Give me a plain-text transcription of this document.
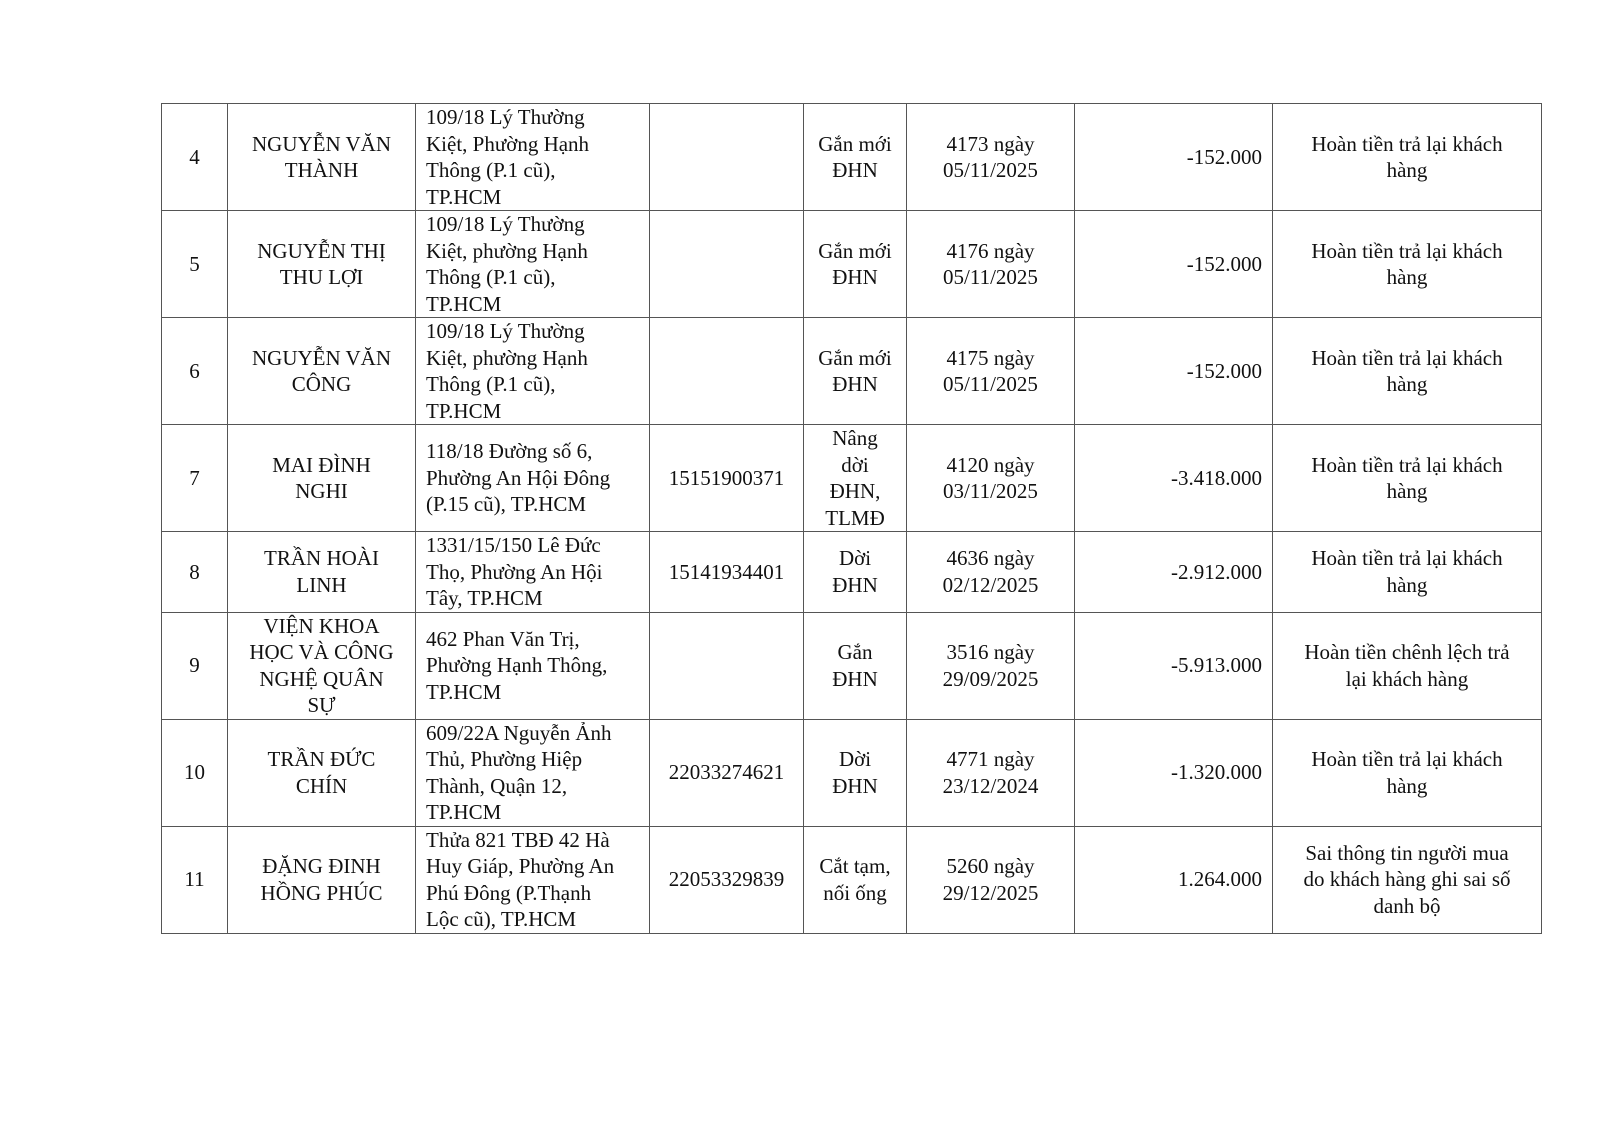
4	NGUYỄN VĂN
THÀNH	109/18 Lý Thường
Kiệt, Phường Hạnh
Thông (P.1 cũ),
TP.HCM		Gắn mới
ĐHN	4173 ngày
05/11/2025	-152.000	Hoàn tiền trả lại khách
hàng
5	NGUYỄN THỊ
THU LỢI	109/18 Lý Thường
Kiệt, phường Hạnh
Thông (P.1 cũ),
TP.HCM		Gắn mới
ĐHN	4176 ngày
05/11/2025	-152.000	Hoàn tiền trả lại khách
hàng
6	NGUYỄN VĂN
CÔNG	109/18 Lý Thường
Kiệt, phường Hạnh
Thông (P.1 cũ),
TP.HCM		Gắn mới
ĐHN	4175 ngày
05/11/2025	-152.000	Hoàn tiền trả lại khách
hàng
7	MAI ĐÌNH
NGHI	118/18 Đường số 6,
Phường An Hội Đông
(P.15 cũ), TP.HCM	15151900371	Nâng
dời
ĐHN,
TLMĐ	4120 ngày
03/11/2025	-3.418.000	Hoàn tiền trả lại khách
hàng
8	TRẦN HOÀI
LINH	1331/15/150 Lê Đức
Thọ, Phường An Hội
Tây, TP.HCM	15141934401	Dời
ĐHN	4636 ngày
02/12/2025	-2.912.000	Hoàn tiền trả lại khách
hàng
9	VIỆN KHOA
HỌC VÀ CÔNG
NGHỆ QUÂN
SỰ	462 Phan Văn Trị,
Phường Hạnh Thông,
TP.HCM		Gắn
ĐHN	3516 ngày
29/09/2025	-5.913.000	Hoàn tiền chênh lệch trả
lại khách hàng
10	TRẦN ĐỨC
CHÍN	609/22A Nguyễn Ảnh
Thủ, Phường Hiệp
Thành, Quận 12,
TP.HCM	22033274621	Dời
ĐHN	4771 ngày
23/12/2024	-1.320.000	Hoàn tiền trả lại khách
hàng
11	ĐẶNG ĐINH
HỒNG PHÚC	Thửa 821 TBĐ 42 Hà
Huy Giáp, Phường An
Phú Đông (P.Thạnh
Lộc cũ), TP.HCM	22053329839	Cắt tạm,
nối ống	5260 ngày
29/12/2025	1.264.000	Sai thông tin người mua
do khách hàng ghi sai số
danh bộ
